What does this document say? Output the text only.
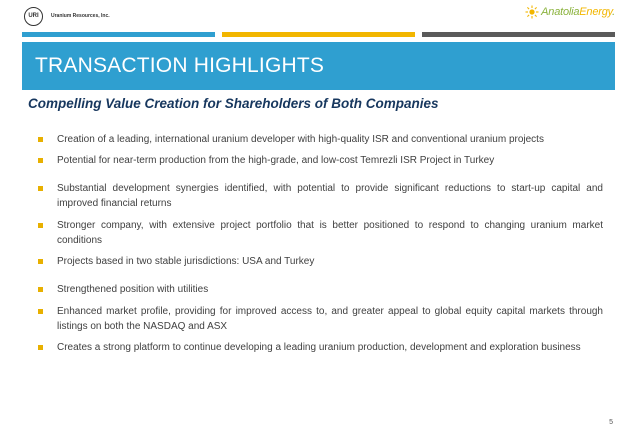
URI	Uranium Resources, Inc.	AnatoliaEnergy.
TRANSACTION HIGHLIGHTS
Compelling Value Creation for Shareholders of Both Companies
Creation of a leading, international uranium developer with high-quality ISR and conventional uranium projects
Potential for near-term production from the high-grade, and low-cost Temrezli ISR Project in Turkey
Substantial development synergies identified, with potential to provide significant reductions to start-up capital and improved financial returns
Stronger company, with extensive project portfolio that is better positioned to respond to changing uranium market conditions
Projects based in two stable jurisdictions: USA and Turkey
Strengthened position with utilities
Enhanced market profile, providing for improved access to, and greater appeal to global equity capital markets through listings on both the NASDAQ and ASX
Creates a strong platform to continue developing a leading uranium production, development and exploration business
5
